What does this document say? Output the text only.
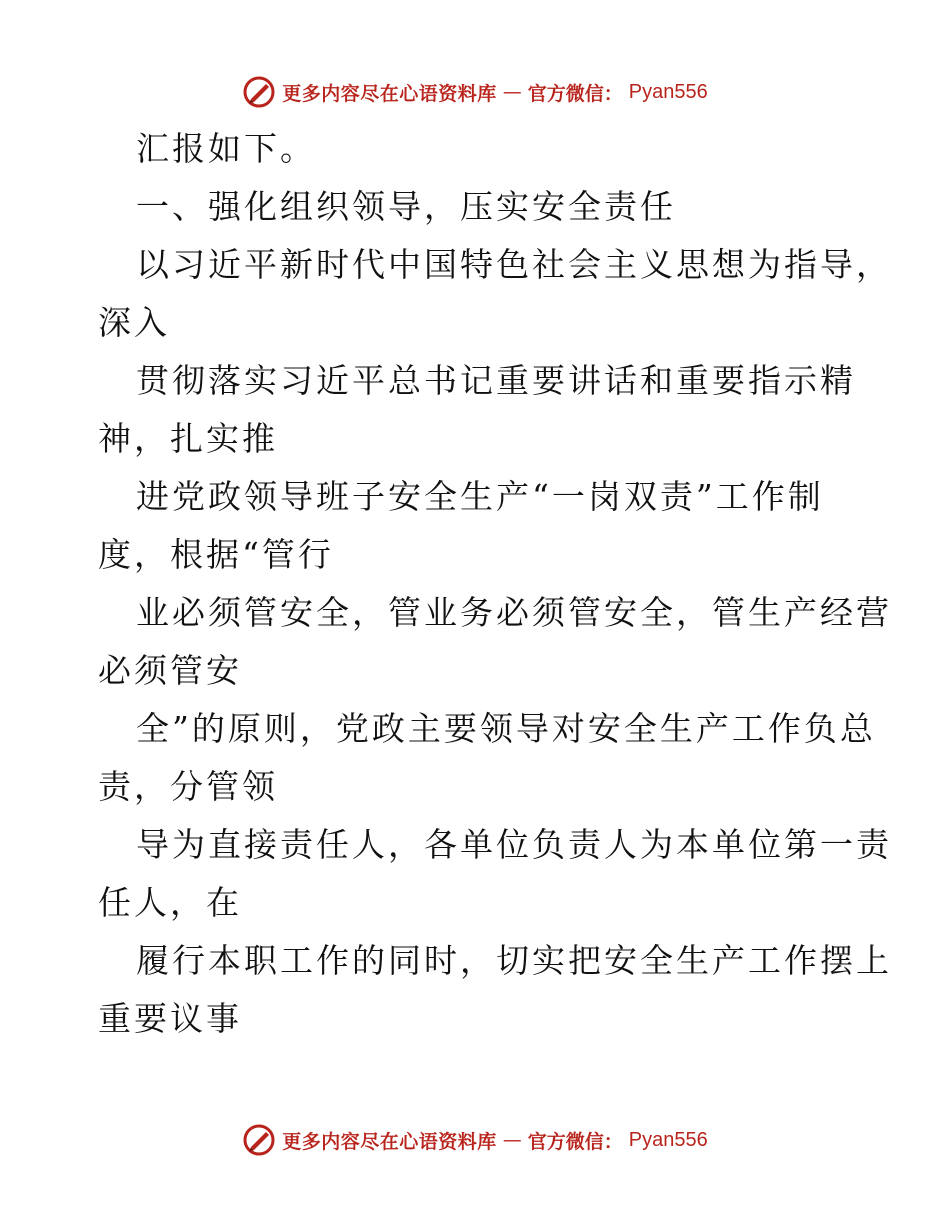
更多内容尽在心语资料库 — 官方微信： Pyan556
汇报如下。
一、强化组织领导，压实安全责任
以习近平新时代中国特色社会主义思想为指导，
深入
贯彻落实习近平总书记重要讲话和重要指示精
神，扎实推
进党政领导班子安全生产“一岗双责”工作制
度，根据“管行
业必须管安全，管业务必须管安全，管生产经营
必须管安
全”的原则，党政主要领导对安全生产工作负总
责，分管领
导为直接责任人，各单位负责人为本单位第一责
任人，在
履行本职工作的同时，切实把安全生产工作摆上
重要议事
更多内容尽在心语资料库 — 官方微信： Pyan556
